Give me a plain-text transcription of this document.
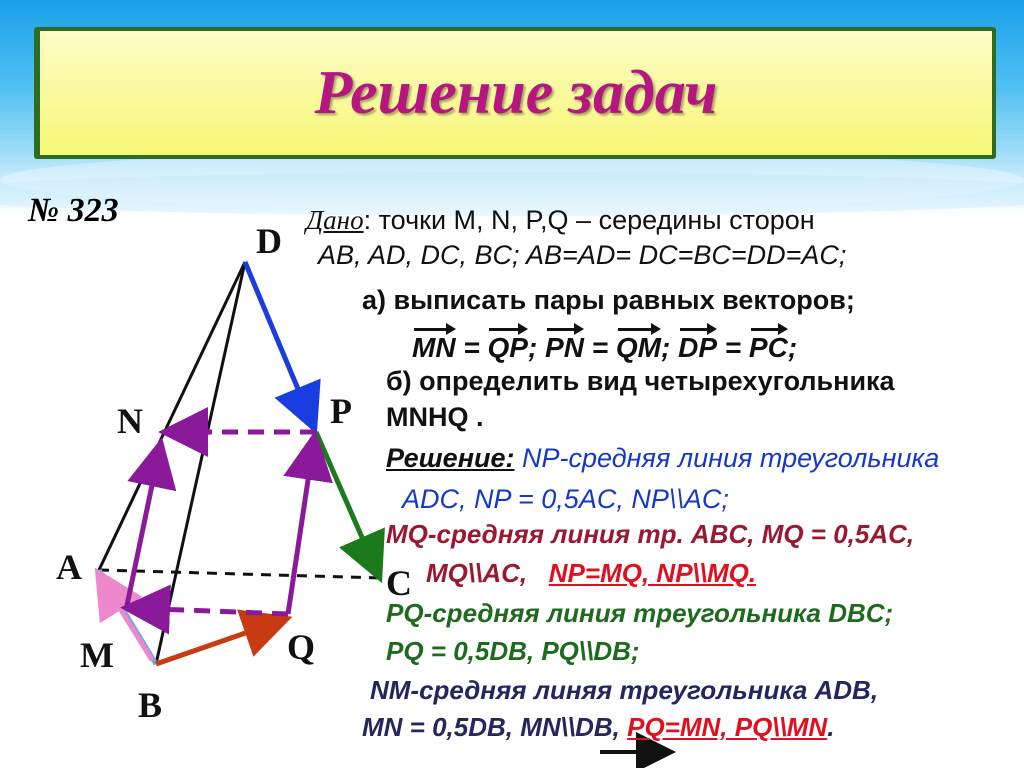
Решение задач
№ 323
D
N	P
A	C
M	Q
B
Дано: точки M, N, P,Q – середины сторон
AB, AD, DC, BC; AB=AD= DC=BC=DD=AC;
а) выписать пары равных векторов;
MN = QP; PN = QM; DP = PC;
б) определить вид четырехугольника
MNHQ .
Решение: NP-средняя линия треугольника
ADC, NP = 0,5AC, NP\\AC;
MQ-средняя линия тр. ABC, MQ = 0,5AC,
MQ\\AC, NP=MQ, NP\\MQ.
PQ-средняя линия треугольника DBC;
PQ = 0,5DB, PQ\\DB;
NM-средняя линяя треугольника ADB,
MN = 0,5DB, MN\\DB, PQ=MN, PQ\\MN.
